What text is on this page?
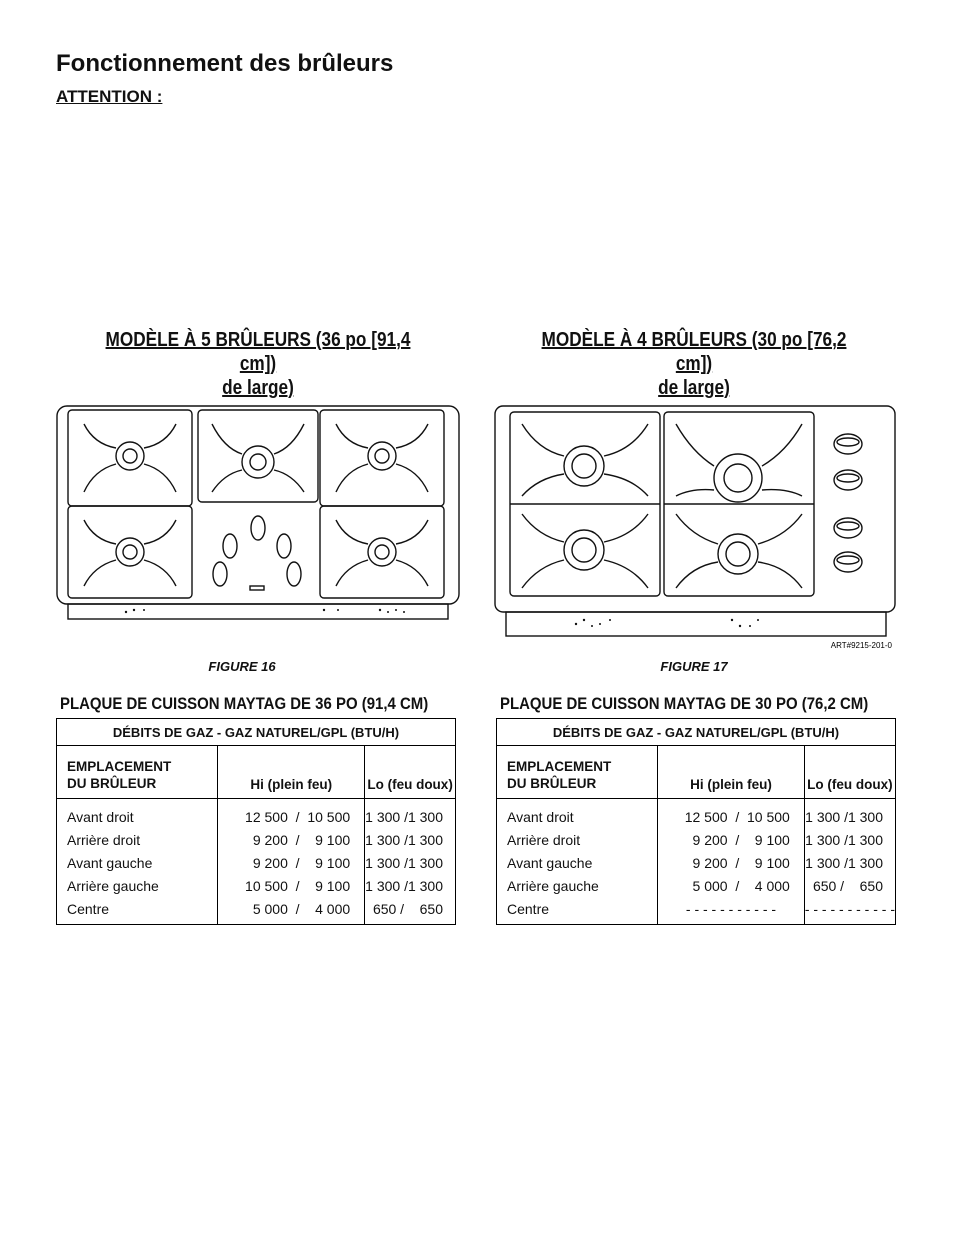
Fonctionnement des brûleurs
ATTENTION :
MODÈLE À 5 BRÛLEURS (36 po [91,4 cm])
de large)
MODÈLE À 4 BRÛLEURS (30 po [76,2 cm])
de large)
ART#9215-201-0
FIGURE 16	FIGURE 17
PLAQUE DE CUISSON MAYTAG DE 36 PO (91,4 CM)	PLAQUE DE CUISSON MAYTAG DE 30 PO (76,2 CM)
DÉBITS DE GAZ - GAZ NATUREL/GPL (BTU/H)		

EMPLACEMENT
DU BRÛLEUR	Hi (plein feu)	Lo (feu doux)
Avant droit	12 500  /  10 500	1 300 /1 300
Arrière droit	9 200  /    9 100	1 300 /1 300
Avant gauche	9 200  /    9 100	1 300 /1 300
Arrière gauche	10 500  /    9 100	1 300 /1 300
Centre	5 000  /    4 000	650 /    650
DÉBITS DE GAZ - GAZ NATUREL/GPL (BTU/H)		

EMPLACEMENT
DU BRÛLEUR	Hi (plein feu)	Lo (feu doux)
Avant droit	12 500  /  10 500	1 300 /1 300
Arrière droit	9 200  /    9 100	1 300 /1 300
Avant gauche	9 200  /    9 100	1 300 /1 300
Arrière gauche	5 000  /    4 000	650 /    650
Centre	- - - - - - - - - - -	- - - - - - - - - - -
